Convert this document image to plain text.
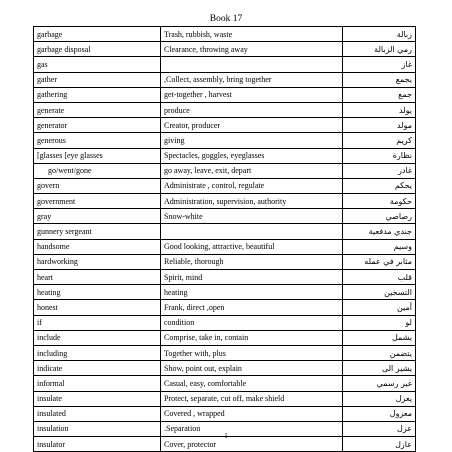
Book 17
garbage	Trash, rubbish, waste	زبالة
garbage disposal	Clearance, throwing away	رمي الزبالة
gas		غاز
gather	,Collect, assembly, bring together	يجمع
gathering	get-together , harvest	جمع
generate	produce	يولد
generator	Creator, producer	مولد
generous	giving	كريم
[glasses [eye glasses	Spectacles, goggles, eyeglasses	نظارة
go/went/gone	go away, leave, exit, depart	غادر
govern	Administrate , control, regulate	يحكم
government	Administration, supervision, authority	حكومة
gray	Snow-white	رصاصي
gunnery sergeant		جندي مدفعية
handsome	Good looking, attractive, beautiful	وسيم
hardworking	Reliable, thorough	مثابر في عمله
heart	Spirit, mind	قلب
heating	heating	التسخين
honest	Frank, direct ,open	أمين
if	condition	لو
include	Comprise, take in, contain	يشمل
including	Together with, plus	يتضمن
indicate	Show, point out, explain	يشير الى
informal	Casual, easy, comfortable	غير رسمي
insulate	Protect, separate, cut off, make shield	يعزل
insulated	Covered , wrapped	معزول
insulation	.Separation	عزل
insulator	Cover, protector	عازل
1
